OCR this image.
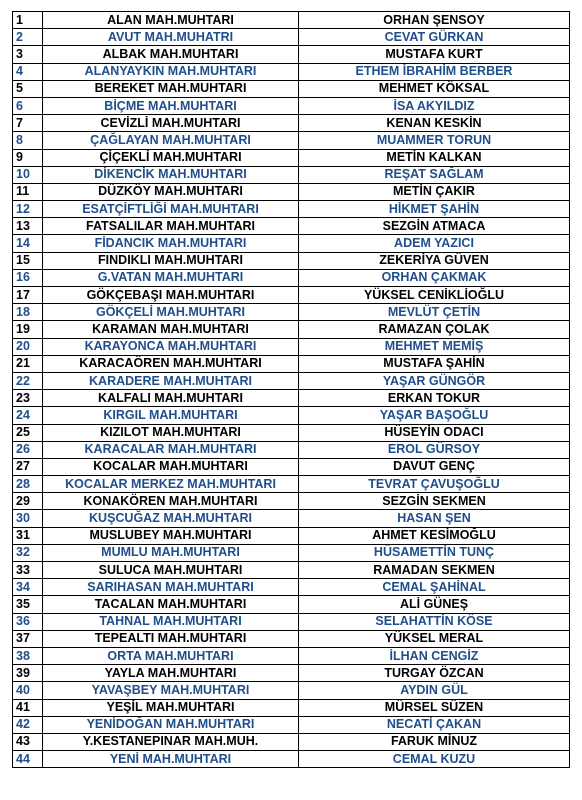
1	ALAN MAH.MUHTARI	ORHAN ŞENSOY
2	AVUT MAH.MUHATRI	CEVAT GÜRKAN
3	ALBAK MAH.MUHTARI	MUSTAFA KURT
4	ALANYAYKIN MAH.MUHTARI	ETHEM İBRAHİM BERBER
5	BEREKET MAH.MUHTARI	MEHMET KÖKSAL
6	BİÇME MAH.MUHTARI	İSA AKYILDIZ
7	CEVİZLİ MAH.MUHTARI	KENAN KESKİN
8	ÇAĞLAYAN MAH.MUHTARI	MUAMMER TORUN
9	ÇİÇEKLİ MAH.MUHTARI	METİN KALKAN
10	DİKENCİK MAH.MUHTARI	REŞAT SAĞLAM
11	DÜZKÖY MAH.MUHTARI	METİN ÇAKIR
12	ESATÇİFTLİĞİ MAH.MUHTARI	HİKMET ŞAHİN
13	FATSALILAR MAH.MUHTARI	SEZGİN ATMACA
14	FİDANCIK MAH.MUHTARI	ADEM YAZICI
15	FINDIKLI MAH.MUHTARI	ZEKERİYA GÜVEN
16	G.VATAN MAH.MUHTARI	ORHAN ÇAKMAK
17	GÖKÇEBAŞI MAH.MUHTARI	YÜKSEL CENİKLİOĞLU
18	GÖKÇELİ MAH.MUHTARI	MEVLÜT ÇETİN
19	KARAMAN MAH.MUHTARI	RAMAZAN ÇOLAK
20	KARAYONCA MAH.MUHTARI	MEHMET MEMİŞ
21	KARACAÖREN MAH.MUHTARI	MUSTAFA ŞAHİN
22	KARADERE MAH.MUHTARI	YAŞAR GÜNGÖR
23	KALFALI MAH.MUHTARI	ERKAN TOKUR
24	KIRGIL MAH.MUHTARI	YAŞAR BAŞOĞLU
25	KIZILOT MAH.MUHTARI	HÜSEYİN ODACI
26	KARACALAR MAH.MUHTARI	EROL GÜRSOY
27	KOCALAR MAH.MUHTARI	DAVUT GENÇ
28	KOCALAR MERKEZ MAH.MUHTARI	TEVRAT ÇAVUŞOĞLU
29	KONAKÖREN MAH.MUHTARI	SEZGİN SEKMEN
30	KUŞCUĞAZ MAH.MUHTARI	HASAN ŞEN
31	MUSLUBEY MAH.MUHTARI	AHMET KESİMOĞLU
32	MUMLU MAH.MUHTARI	HÜSAMETTİN TUNÇ
33	SULUCA MAH.MUHTARI	RAMADAN SEKMEN
34	SARIHASAN MAH.MUHTARI	CEMAL ŞAHİNAL
35	TACALAN MAH.MUHTARI	ALİ GÜNEŞ
36	TAHNAL MAH.MUHTARI	SELAHATTİN KÖSE
37	TEPEALTI MAH.MUHTARI	YÜKSEL MERAL
38	ORTA MAH.MUHTARI	İLHAN CENGİZ
39	YAYLA MAH.MUHTARI	TURGAY ÖZCAN
40	YAVAŞBEY MAH.MUHTARI	AYDIN GÜL
41	YEŞİL MAH.MUHTARI	MÜRSEL SÜZEN
42	YENİDOĞAN MAH.MUHTARI	NECATİ ÇAKAN
43	Y.KESTANEPINAR MAH.MUH.	FARUK MİNUZ
44	YENİ MAH.MUHTARI	CEMAL KUZU
